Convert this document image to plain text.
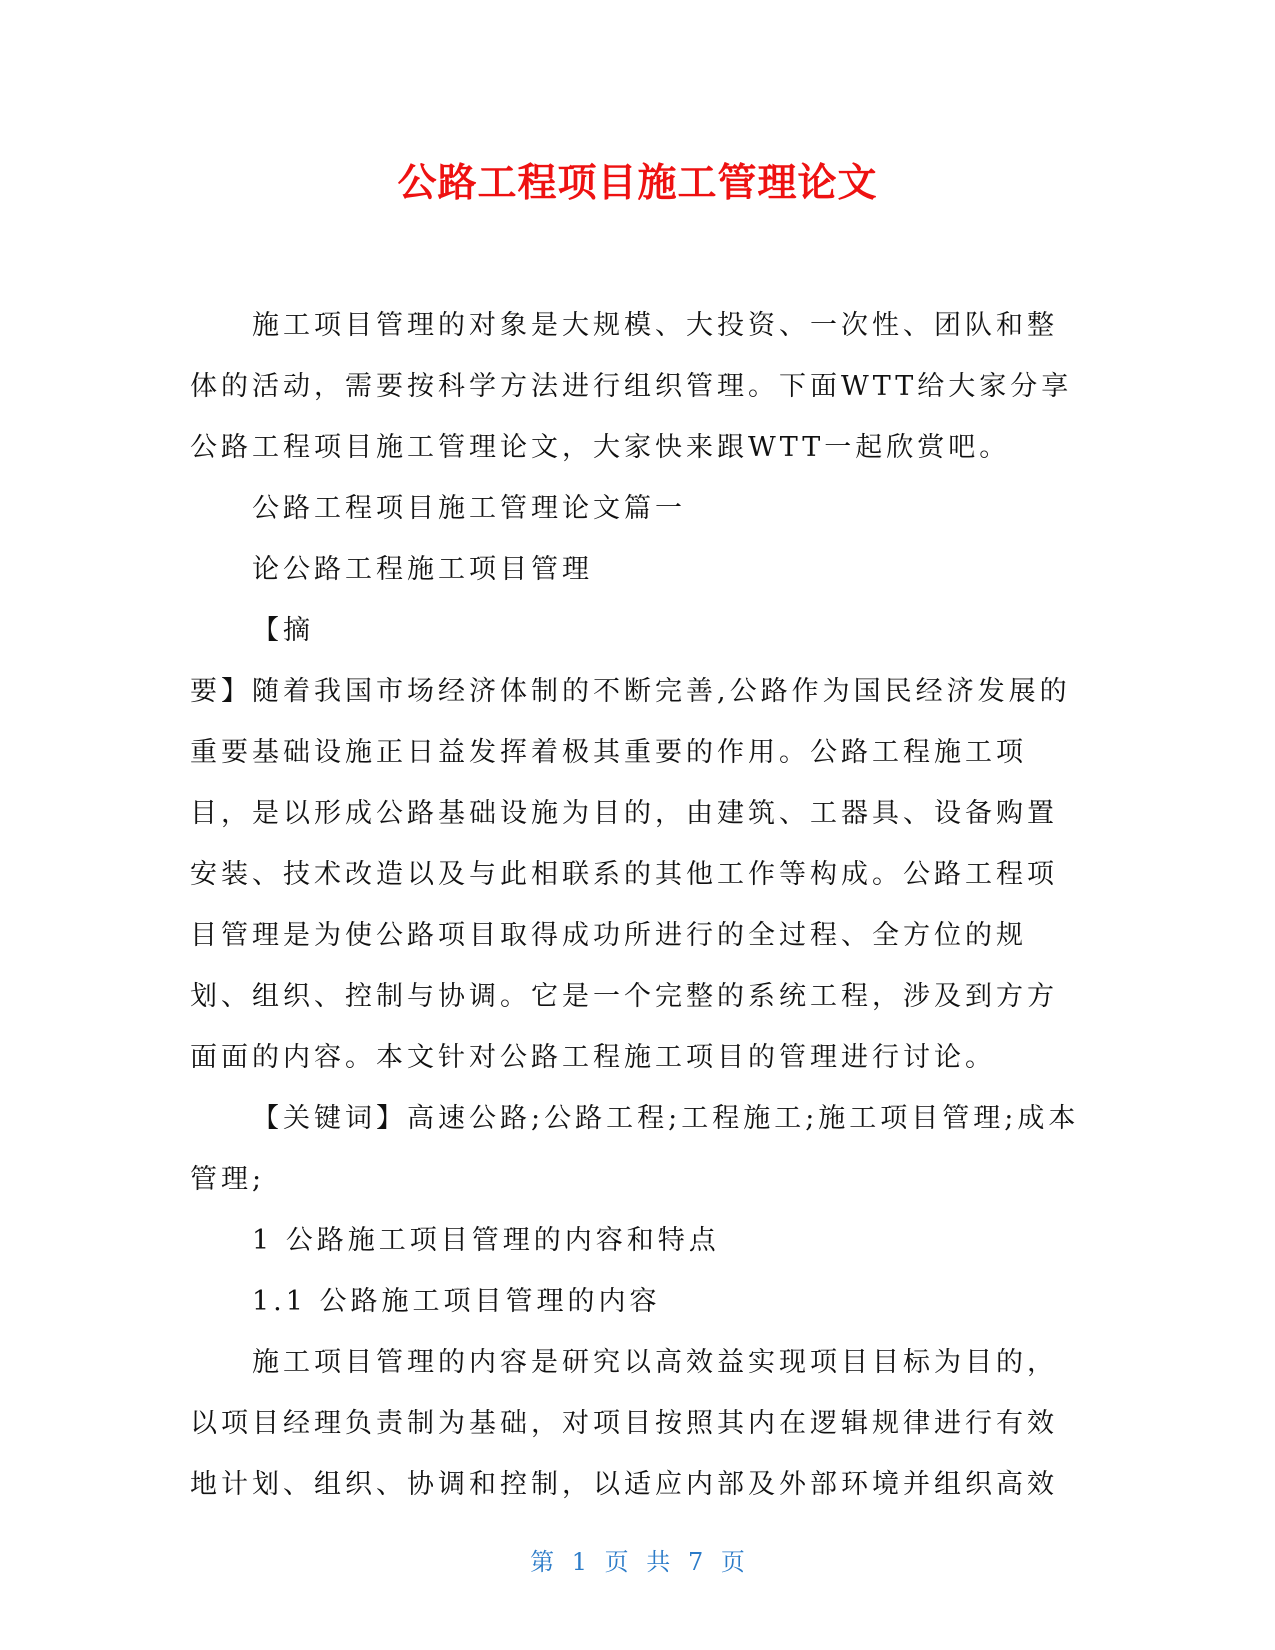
公路工程项目施工管理论文

施工项目管理的对象是大规模、大投资、一次性、团队和整体的活动，需要按科学方法进行组织管理。下面WTT给大家分享公路工程项目施工管理论文，大家快来跟WTT一起欣赏吧。

公路工程项目施工管理论文篇一

论公路工程施工项目管理

【摘

要】随着我国市场经济体制的不断完善,公路作为国民经济发展的重要基础设施正日益发挥着极其重要的作用。公路工程施工项目，是以形成公路基础设施为目的，由建筑、工器具、设备购置安装、技术改造以及与此相联系的其他工作等构成。公路工程项目管理是为使公路项目取得成功所进行的全过程、全方位的规划、组织、控制与协调。它是一个完整的系统工程，涉及到方方面面的内容。本文针对公路工程施工项目的管理进行讨论。

【关键词】高速公路;公路工程;工程施工;施工项目管理;成本管理;

1 公路施工项目管理的内容和特点

1.1 公路施工项目管理的内容

施工项目管理的内容是研究以高效益实现项目目标为目的，以项目经理负责制为基础，对项目按照其内在逻辑规律进行有效地计划、组织、协调和控制，以适应内部及外部环境并组织高效

第 1 页 共 7 页
